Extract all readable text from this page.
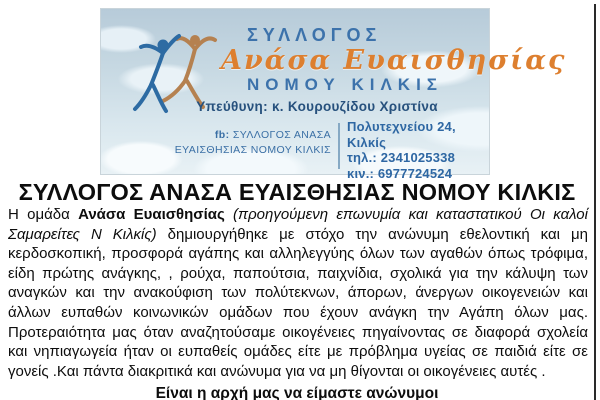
ΣΥΛΛΟΓΟΣ
Ανάσα Ευαισθησίας
ΝΟΜΟΥ ΚΙΛΚΙΣ
Υπεύθυνη: κ. Κουρουζίδου Χριστίνα
fb: ΣΥΛΛΟΓΟΣ ΑΝΑΣΑ
ΕΥΑΙΣΘΗΣΙΑΣ ΝΟΜΟΥ ΚΙΛΚΙΣ
Πολυτεχνείου 24, Κιλκίς
τηλ.: 2341025338
κιν.: 6977724524
ΣΥΛΛΟΓΟΣ ΑΝΑΣΑ ΕΥΑΙΣΘΗΣΙΑΣ ΝΟΜΟΥ ΚΙΛΚΙΣ

Η ομάδα Ανάσα Ευαισθησίας (προηγούμενη επωνυμία και καταστατικού Οι καλοί Σαμαρείτες Ν Κιλκίς) δημιουργήθηκε με στόχο την ανώνυμη εθελοντική και μη κερδοσκοπική, προσφορά αγάπης και αλληλεγγύης όλων των αγαθών όπως τρόφιμα, είδη πρώτης ανάγκης, , ρούχα, παπούτσια, παιχνίδια, σχολικά για την κάλυψη των αναγκών και την ανακούφιση των πολύτεκνων, άπορων, άνεργων οικογενειών και άλλων ευπαθών κοινωνικών ομάδων που έχουν ανάγκη την Αγάπη όλων μας. Προτεραιότητα μας όταν αναζητούσαμε οικογένειες πηγαίνοντας σε διαφορά σχολεία και νηπιαγωγεία ήταν οι ευπαθείς ομάδες είτε με πρόβλημα υγείας σε παιδιά είτε σε γονείς .Και πάντα διακριτικά και ανώνυμα για να μη θίγονται οι οικογένειες αυτές .

Είναι η αρχή μας να είμαστε ανώνυμοι
